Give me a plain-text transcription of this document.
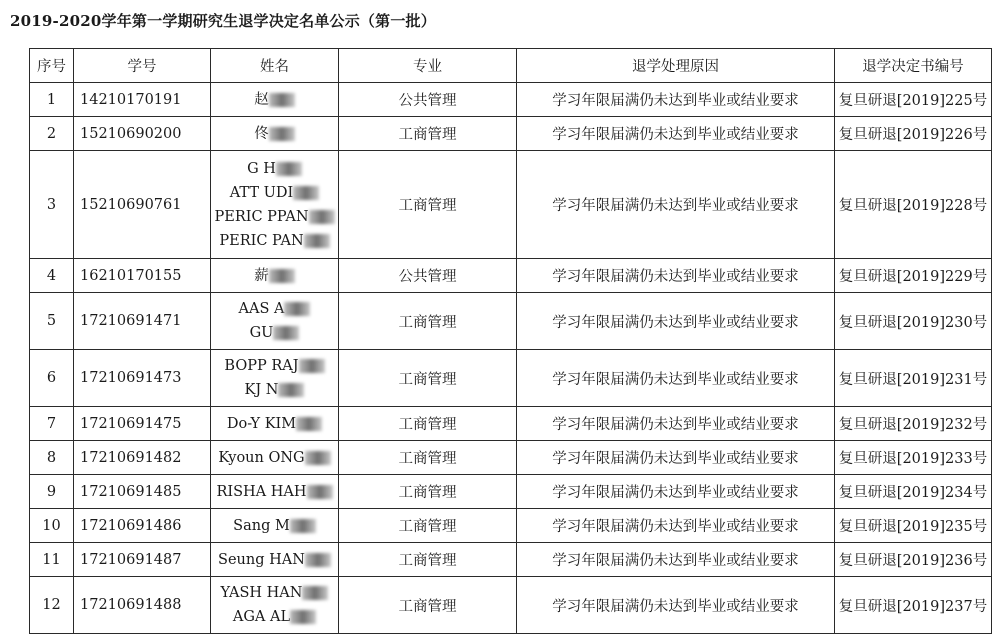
2019-2020学年第一学期研究生退学决定名单公示（第一批）
序号	学号	姓名	专业	退学处理原因	退学决定书编号
1	14210170191	赵	公共管理	学习年限届满仍未达到毕业或结业要求	复旦研退[2019]225号
2	15210690200	佟	工商管理	学习年限届满仍未达到毕业或结业要求	复旦研退[2019]226号
3	15210690761	G H
ATT UDI
PERIC PPAN
PERIC PAN	工商管理	学习年限届满仍未达到毕业或结业要求	复旦研退[2019]228号
4	16210170155	薪	公共管理	学习年限届满仍未达到毕业或结业要求	复旦研退[2019]229号
5	17210691471	AAS A
GU	工商管理	学习年限届满仍未达到毕业或结业要求	复旦研退[2019]230号
6	17210691473	BOPP RAJ
KJ N	工商管理	学习年限届满仍未达到毕业或结业要求	复旦研退[2019]231号
7	17210691475	Do-Y KIM	工商管理	学习年限届满仍未达到毕业或结业要求	复旦研退[2019]232号
8	17210691482	Kyoun ONG	工商管理	学习年限届满仍未达到毕业或结业要求	复旦研退[2019]233号
9	17210691485	RISHA HAH	工商管理	学习年限届满仍未达到毕业或结业要求	复旦研退[2019]234号
10	17210691486	Sang M	工商管理	学习年限届满仍未达到毕业或结业要求	复旦研退[2019]235号
11	17210691487	Seung HAN	工商管理	学习年限届满仍未达到毕业或结业要求	复旦研退[2019]236号
12	17210691488	YASH HAN
AGA AL	工商管理	学习年限届满仍未达到毕业或结业要求	复旦研退[2019]237号
